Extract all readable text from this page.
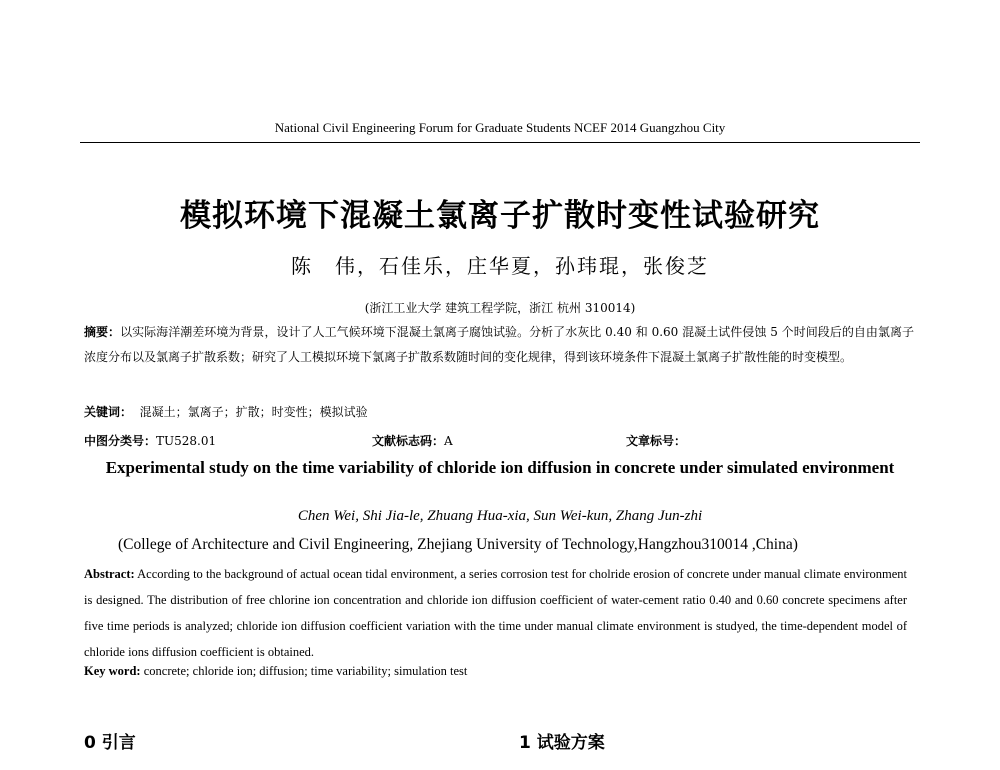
National Civil Engineering Forum for Graduate Students NCEF 2014 Guangzhou City
模拟环境下混凝土氯离子扩散时变性试验研究
陈　伟，石佳乐，庄华夏，孙玮琨，张俊芝
(浙江工业大学 建筑工程学院，浙江 杭州 310014)
摘要：以实际海洋潮差环境为背景，设计了人工气候环境下混凝土氯离子腐蚀试验。分析了水灰比 0.40 和 0.60 混凝土试件侵蚀 5 个时间段后的自由氯离子浓度分布以及氯离子扩散系数；研究了人工模拟环境下氯离子扩散系数随时间的变化规律，得到该环境条件下混凝土氯离子扩散性能的时变模型。
关键词： 混凝土；氯离子；扩散；时变性；模拟试验
中图分类号：TU528.01	文献标志码：A	文章标号：
Experimental study on the time variability of chloride ion diffusion in concrete under simulated environment
Chen Wei, Shi Jia-le, Zhuang Hua-xia, Sun Wei-kun, Zhang Jun-zhi
(College of Architecture and Civil Engineering, Zhejiang University of Technology,Hangzhou310014 ,China)
Abstract: According to the background of actual ocean tidal environment, a series corrosion test for cholride erosion of concrete under manual climate environment is designed. The distribution of free chlorine ion concentration and chloride ion diffusion coefficient of water-cement ratio 0.40 and 0.60 concrete specimens after five time periods is analyzed; chloride ion diffusion coefficient variation with the time under manual climate environment is studyed, the time-dependent model of chloride ions diffusion coefficient is obtained.
Key word: concrete; chloride ion; diffusion; time variability; simulation test
0 引言	1 试验方案
